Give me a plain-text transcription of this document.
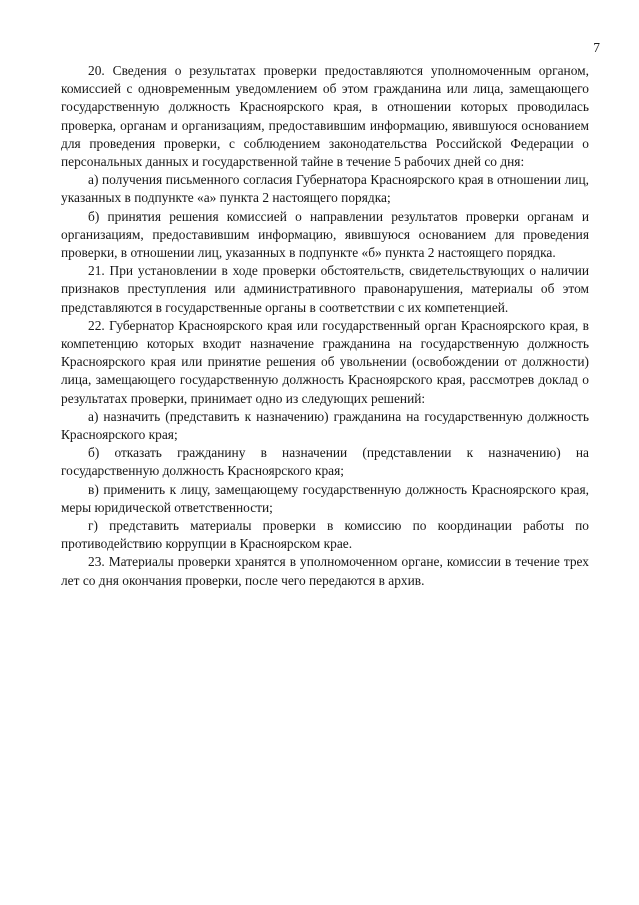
7

20. Сведения о результатах проверки предоставляются уполномоченным органом, комиссией с одновременным уведомлением об этом гражданина или лица, замещающего государственную должность Красноярского края, в отношении которых проводилась проверка, органам и организациям, предоставившим информацию, явившуюся основанием для проведения проверки, с соблюдением законодательства Российской Федерации о персональных данных и государственной тайне в течение 5 рабочих дней со дня:

а) получения письменного согласия Губернатора Красноярского края в отношении лиц, указанных в подпункте «а» пункта 2 настоящего порядка;

б) принятия решения комиссией о направлении результатов проверки органам и организациям, предоставившим информацию, явившуюся основанием для проведения проверки, в отношении лиц, указанных в подпункте «б» пункта 2 настоящего порядка.

21. При установлении в ходе проверки обстоятельств, свидетельствующих о наличии признаков преступления или административного правонарушения, материалы об этом представляются в государственные органы в соответствии с их компетенцией.

22. Губернатор Красноярского края или государственный орган Красноярского края, в компетенцию которых входит назначение гражданина на государственную должность Красноярского края или принятие решения об увольнении (освобождении от должности) лица, замещающего государственную должность Красноярского края, рассмотрев доклад о результатах проверки, принимает одно из следующих решений:

а) назначить (представить к назначению) гражданина на государственную должность Красноярского края;

б) отказать гражданину в назначении (представлении к назначению) на государственную должность Красноярского края;

в) применить к лицу, замещающему государственную должность Красноярского края, меры юридической ответственности;

г) представить материалы проверки в комиссию по координации работы по противодействию коррупции в Красноярском крае.

23. Материалы проверки хранятся в уполномоченном органе, комиссии в течение трех лет со дня окончания проверки, после чего передаются в архив.
